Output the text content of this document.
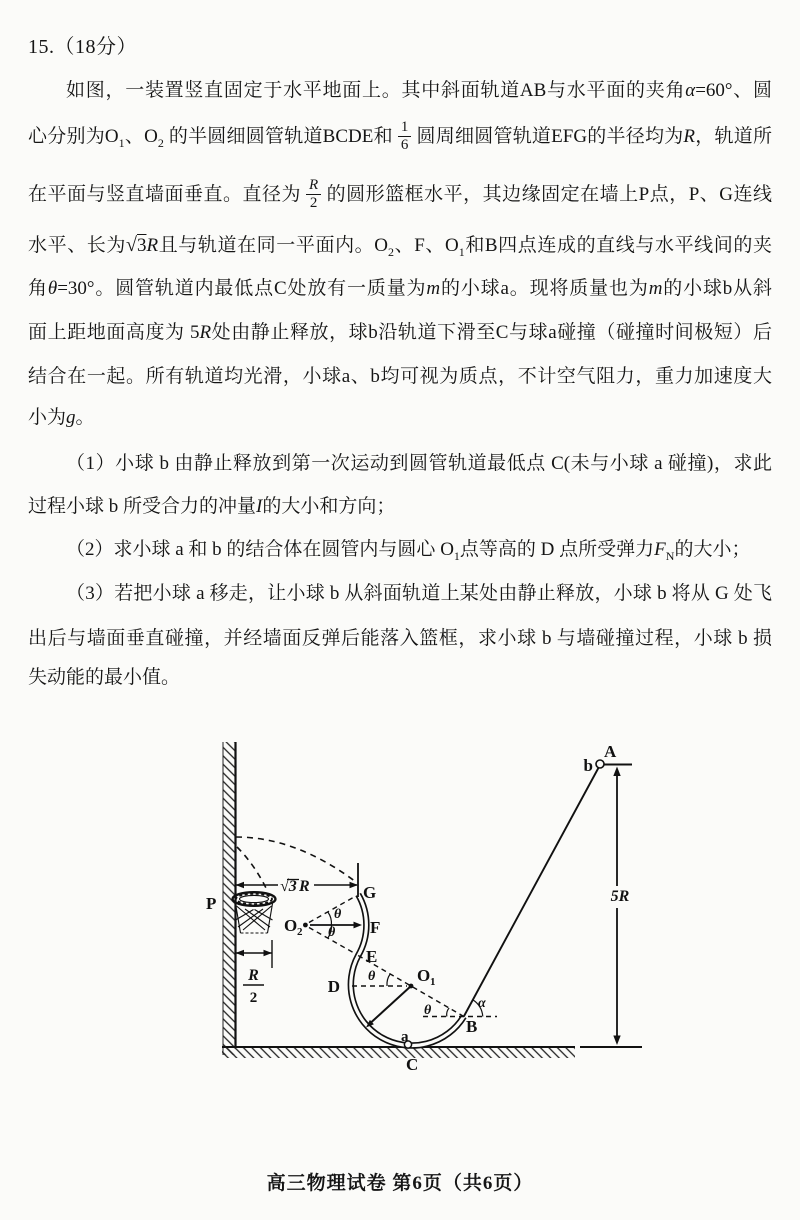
15.（18分）
如图，一装置竖直固定于水平地面上。其中斜面轨道AB与水平面的夹角α=60°、圆
心分别为$O_1$、$O_2$ 的半圆细圆管轨道BCDE和 $\frac{1}{6}$ 圆周细圆管轨道EFG的半径均为R，轨道所
在平面与竖直墙面垂直。直径为 $\frac{R}{2}$ 的圆形篮框水平，其边缘固定在墙上P点，P、G连线
水平、长为√3R且与轨道在同一平面内。$O_2$、F、$O_1$和B四点连成的直线与水平线间的夹
角θ=30°。圆管轨道内最低点C处放有一质量为m的小球a。现将质量也为m的小球b从斜
面上距地面高度为 5R处由静止释放，球b沿轨道下滑至C与球a碰撞（碰撞时间极短）后
结合在一起。所有轨道均光滑，小球a、b均可视为质点，不计空气阻力，重力加速度大
小为g。
（1）小球 b 由静止释放到第一次运动到圆管轨道最低点 C(未与小球 a 碰撞)，求此
过程小球 b 所受合力的冲量I的大小和方向；
（2）求小球 a 和 b 的结合体在圆管内与圆心 $O_1$点等高的 D 点所受弹力$F_N$的大小；
（3）若把小球 a 移走，让小球 b 从斜面轨道上某处由静止释放，小球 b 将从 G 处飞
出后与墙面垂直碰撞，并经墙面反弹后能落入篮框，求小球 b 与墙碰撞过程，小球 b 损
失动能的最小值。
√3 R
R
2
5R
A
b
B
C
D
E
F
G
P
a
O 2
O 1
α
θ
θ
θ
θ
高三物理试卷 第6页（共6页）
